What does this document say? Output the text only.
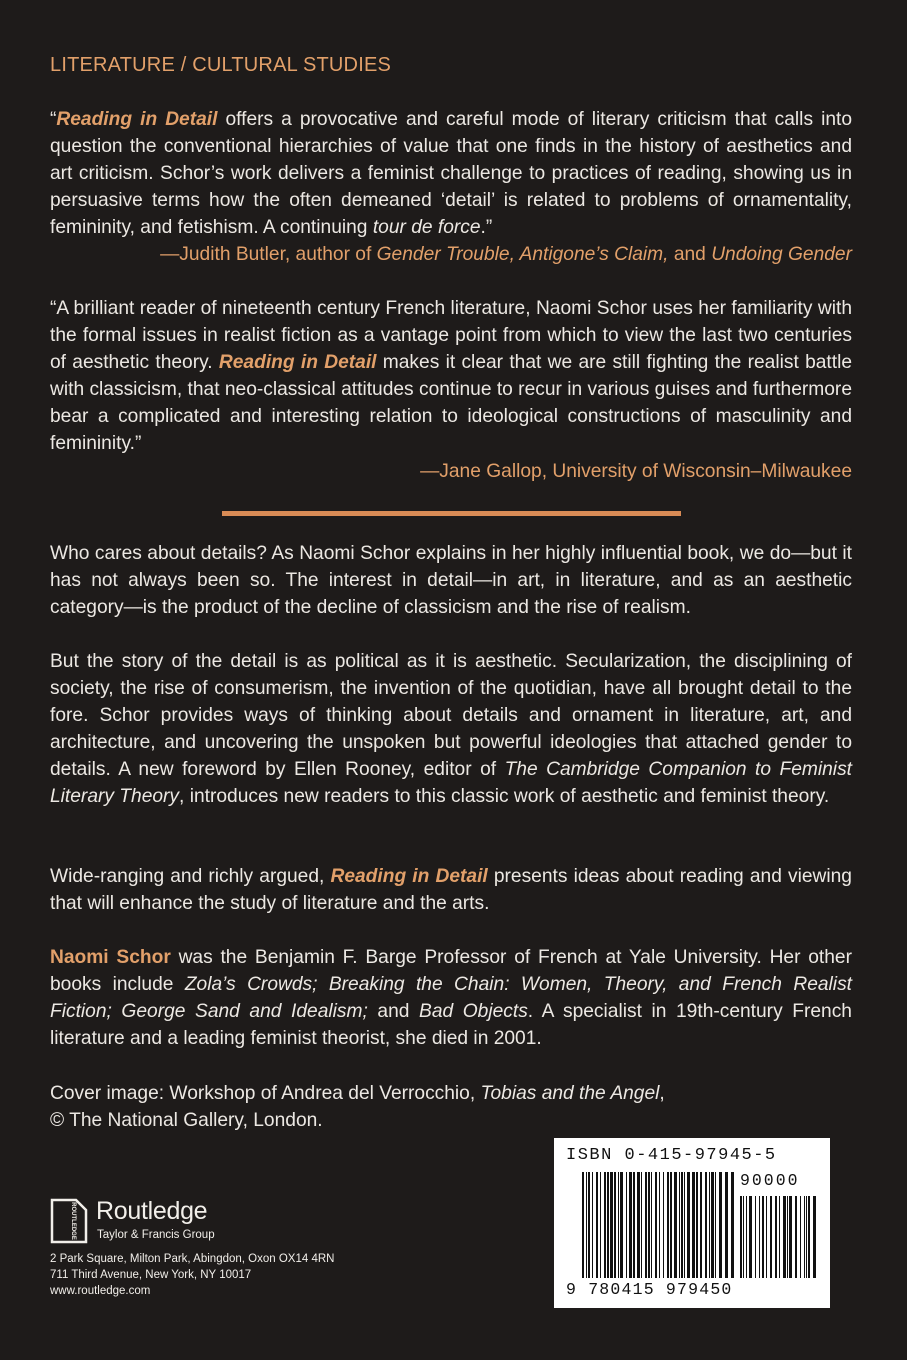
LITERATURE / CULTURAL STUDIES
“Reading in Detail offers a provocative and careful mode of literary criticism that calls into question the conventional hierarchies of value that one finds in the history of aesthetics and art criticism. Schor’s work delivers a feminist challenge to practices of reading, showing us in persuasive terms how the often demeaned ‘detail’ is related to problems of ornamentality, femininity, and fetishism. A continuing tour de force.”
—Judith Butler, author of Gender Trouble, Antigone’s Claim, and Undoing Gender
“A brilliant reader of nineteenth century French literature, Naomi Schor uses her familiarity with the formal issues in realist fiction as a vantage point from which to view the last two centuries of aesthetic theory. Reading in Detail makes it clear that we are still fighting the realist battle with classicism, that neo-classical attitudes continue to recur in various guises and furthermore bear a complicated and interesting relation to ideological constructions of masculinity and femininity.”
—Jane Gallop, University of Wisconsin–Milwaukee
Who cares about details? As Naomi Schor explains in her highly influential book, we do—but it has not always been so. The interest in detail—in art, in literature, and as an aesthetic category—is the product of the decline of classicism and the rise of realism.
But the story of the detail is as political as it is aesthetic. Secularization, the disciplining of society, the rise of consumerism, the invention of the quotidian, have all brought detail to the fore. Schor provides ways of thinking about details and ornament in literature, art, and architecture, and uncovering the unspoken but powerful ideologies that attached gender to details. A new foreword by Ellen Rooney, editor of The Cambridge Companion to Feminist Literary Theory, introduces new readers to this classic work of aesthetic and feminist theory.
Wide-ranging and richly argued, Reading in Detail presents ideas about reading and viewing that will enhance the study of literature and the arts.
Naomi Schor was the Benjamin F. Barge Professor of French at Yale University. Her other books include Zola’s Crowds; Breaking the Chain: Women, Theory, and French Realist Fiction; George Sand and Idealism; and Bad Objects. A specialist in 19th-century French literature and a leading feminist theorist, she died in 2001.
Cover image: Workshop of Andrea del Verrocchio, Tobias and the Angel,
© The National Gallery, London.
ROUTLEDGE Routledge
Taylor & Francis Group
2 Park Square, Milton Park, Abingdon, Oxon OX14 4RN
711 Third Avenue, New York, NY 10017
www.routledge.com
ISBN 0-415-97945-5
90000
9 780415 979450
